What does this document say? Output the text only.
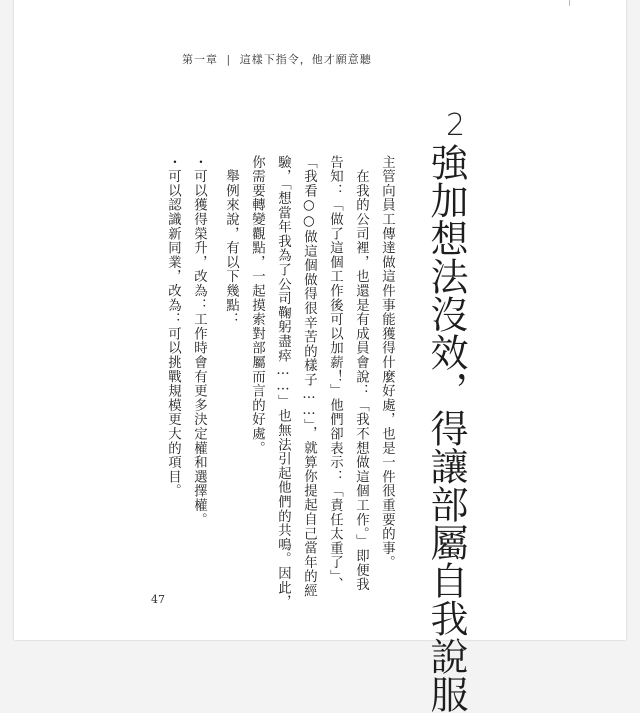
第一章 | 這樣下指令，他才願意聽
2
強加想法沒效，得讓部屬自我說服
主管向員工傳達做這件事能獲得什麼好處，也是一件很重要的事。
　在我的公司裡，也還是有成員會說：「我不想做這個工作。」即便我
告知：「做了這個工作後可以加薪！」他們卻表示：「責任太重了」、
「我看○○做這個做得很辛苦的樣子……」，就算你提起自己當年的經
驗，「想當年我為了公司鞠躬盡瘁……」也無法引起他們的共鳴。因此，
你需要轉變觀點，一起摸索對部屬而言的好處。
　舉例來說，有以下幾點：
・可以獲得榮升，改為：工作時會有更多決定權和選擇權。
・可以認識新同業，改為：可以挑戰規模更大的項目。
47
